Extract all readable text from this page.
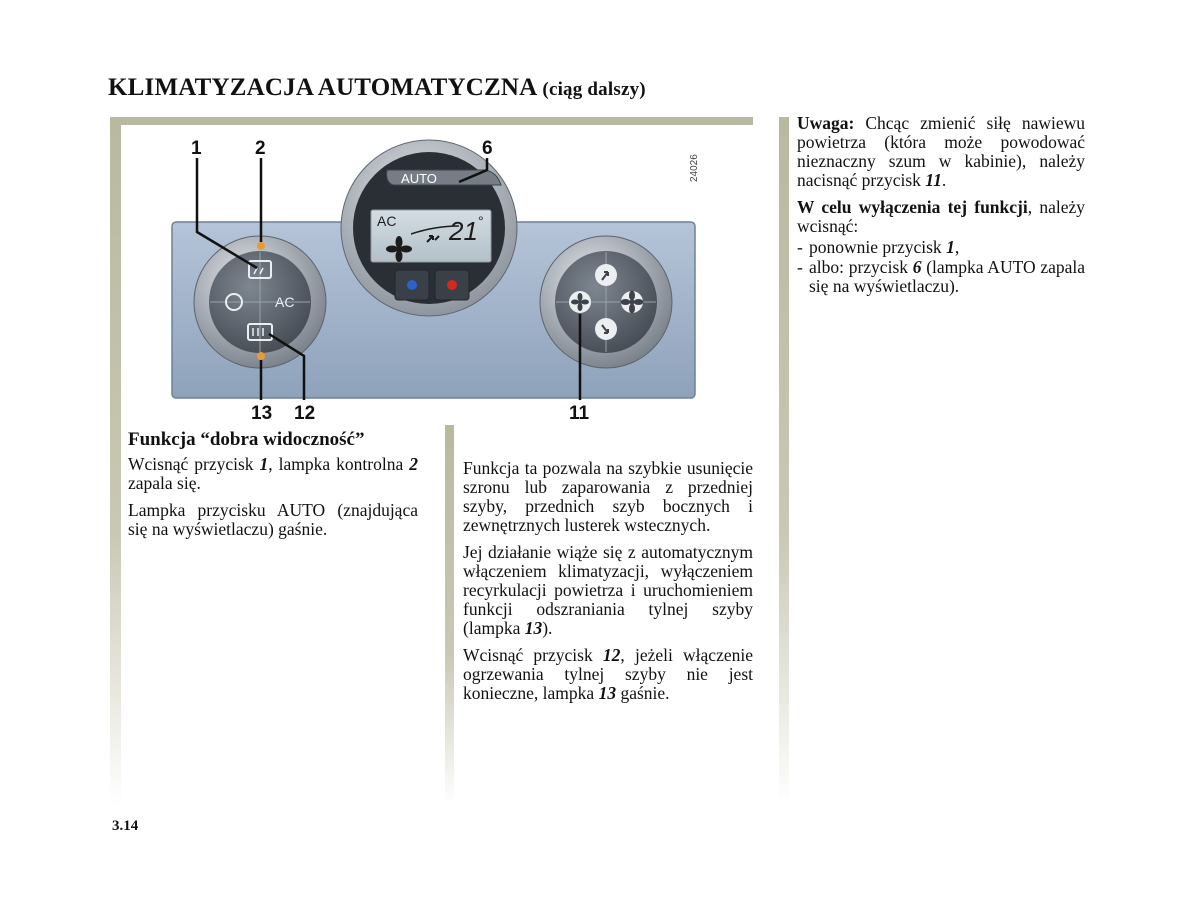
KLIMATYZACJA AUTOMATYCZNA (ciąg dalszy)
AUTO
AC 21 °
AC
1	2	6
13 12	11
24026
Funkcja “dobra widoczność”

Wcisnąć przycisk 1, lampka kontrolna 2 zapala się.

Lampka przycisku AUTO (znajdująca się na wyświetlaczu) gaśnie.

Funkcja ta pozwala na szybkie usunięcie szronu lub zaparowania z przedniej szyby, przednich szyb bocznych i zewnętrznych lusterek wstecznych.

Jej działanie wiąże się z automatycznym włączeniem klimatyzacji, wyłączeniem recyrkulacji powietrza i uruchomieniem funkcji odszraniania tylnej szyby (lampka 13).

Wcisnąć przycisk 12, jeżeli włączenie ogrzewania tylnej szyby nie jest konieczne, lampka 13 gaśnie.

Uwaga: Chcąc zmienić siłę nawiewu powietrza (która może powodować nieznaczny szum w kabinie), należy nacisnąć przycisk 11.

W celu wyłączenia tej funkcji, należy wcisnąć:

- ponownie przycisk 1,
- albo: przycisk 6 (lampka AUTO zapala się na wyświetlaczu).
3.14
